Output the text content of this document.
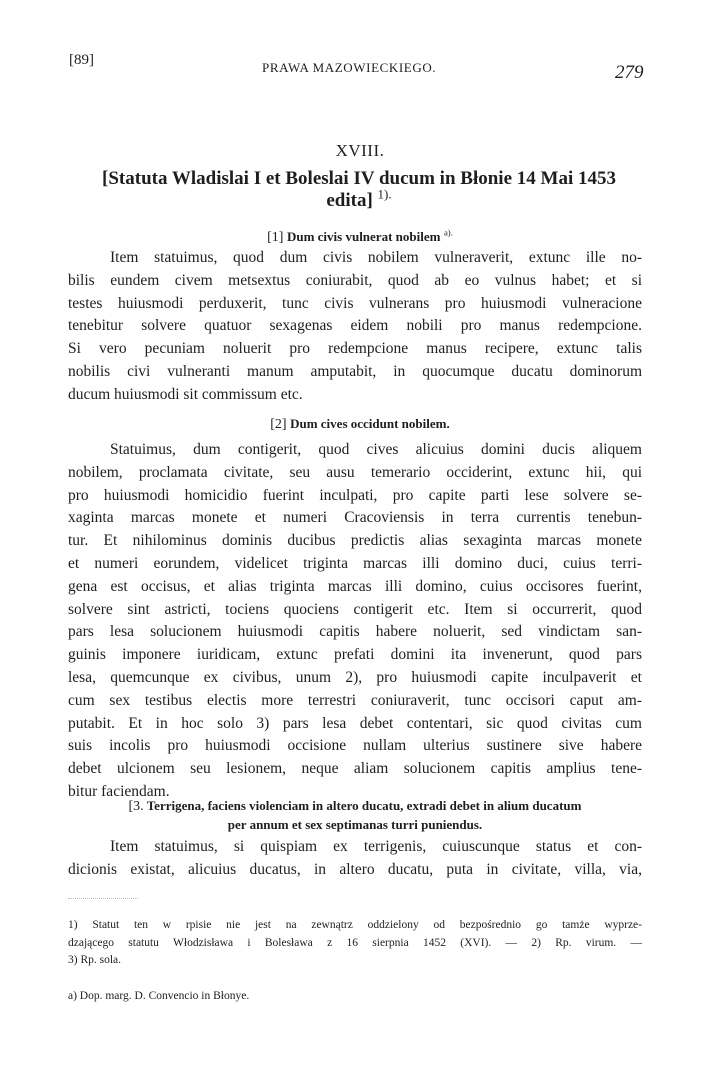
[89]	PRAWA MAZOWIECKIEGO.	279
XVIII.
[Statuta Wladislai I et Boleslai IV ducum in Błonie 14 Mai 1453
edita] $^{1).}$
[1] Dum civis vulnerat nobilem $^{a).}$
Item statuimus, quod dum civis nobilem vulneraverit, extunc ille no-
bilis eundem civem metsextus coniurabit, quod ab eo vulnus habet; et si
testes huiusmodi perduxerit, tunc civis vulnerans pro huiusmodi vulneracione
tenebitur solvere quatuor sexagenas eidem nobili pro manus redempcione.
Si vero pecuniam noluerit pro redempcione manus recipere, extunc talis
nobilis civi vulneranti manum amputabit, in quocumque ducatu dominorum
ducum huiusmodi sit commissum etc.
[2] Dum cives occidunt nobilem.
Statuimus, dum contigerit, quod cives alicuius domini ducis aliquem
nobilem, proclamata civitate, seu ausu temerario occiderint, extunc hii, qui
pro huiusmodi homicidio fuerint inculpati, pro capite parti lese solvere se-
xaginta marcas monete et numeri Cracoviensis in terra currentis tenebun-
tur. Et nihilominus dominis ducibus predictis alias sexaginta marcas monete
et numeri eorundem, videlicet triginta marcas illi domino duci, cuius terri-
gena est occisus, et alias triginta marcas illi domino, cuius occisores fuerint,
solvere sint astricti, tociens quociens contigerit etc. Item si occurrerit, quod
pars lesa solucionem huiusmodi capitis habere noluerit, sed vindictam san-
guinis imponere iuridicam, extunc prefati domini ita invenerunt, quod pars
lesa, quemcunque ex civibus, unum 2), pro huiusmodi capite inculpaverit et
cum sex testibus electis more terrestri coniuraverit, tunc occisori caput am-
putabit. Et in hoc solo 3) pars lesa debet contentari, sic quod civitas cum
suis incolis pro huiusmodi occisione nullam ulterius sustinere sive habere
debet ulcionem seu lesionem, neque aliam solucionem capitis amplius tene-
bitur faciendam.
[3. Terrigena, faciens violenciam in altero ducatu, extradi debet in alium ducatum
per annum et sex septimanas turri puniendus.
Item statuimus, si quispiam ex terrigenis, cuiuscunque status et con-
dicionis existat, alicuius ducatus, in altero ducatu, puta in civitate, villa, via,
1) Statut ten w rpisie nie jest na zewnątrz oddzielony od bezpośrednio go tamże wyprze-
dzającego statutu Włodzisława i Bolesława z 16 sierpnia 1452 (XVI). — 2) Rp. virum. —
3) Rp. sola.
a) Dop. marg. D. Convencio in Błonye.
